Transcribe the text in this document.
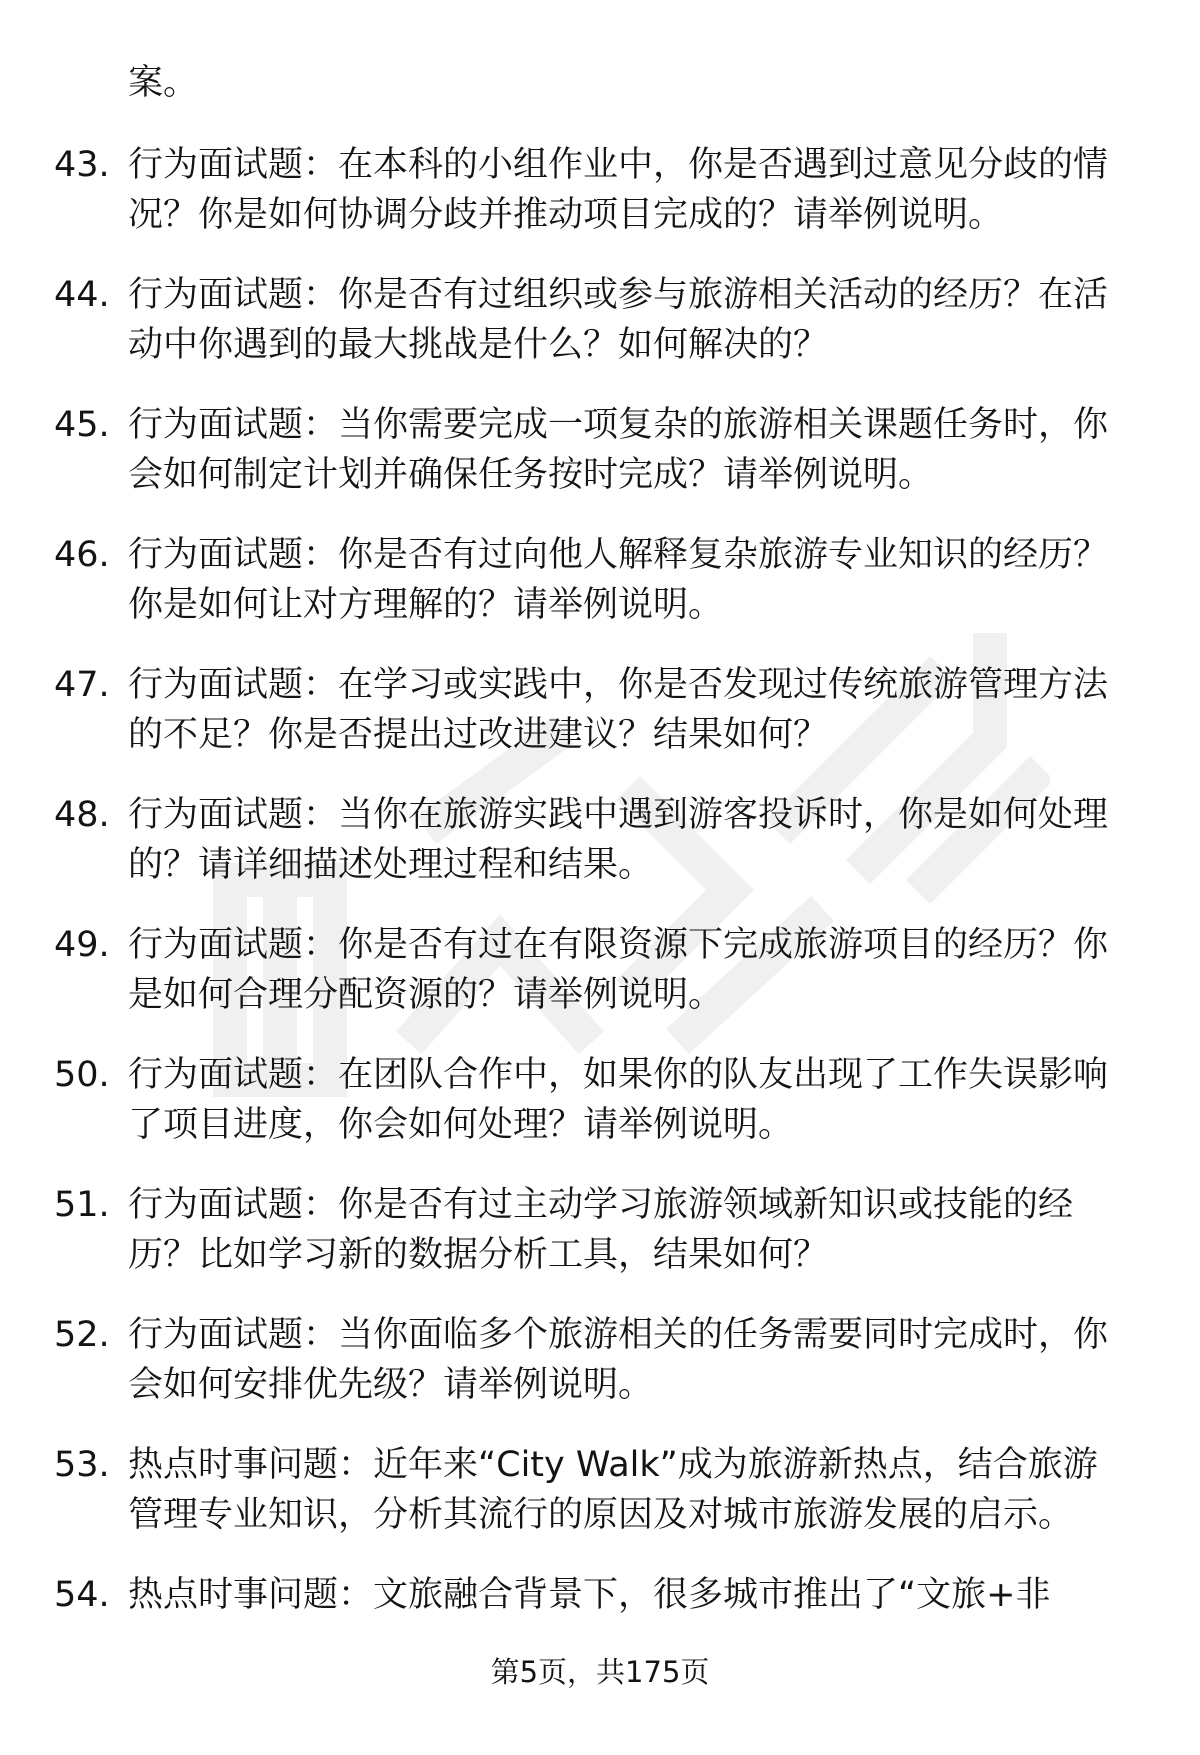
案。
43. 行为面试题：在本科的小组作业中，你是否遇到过意见分歧的情
况？你是如何协调分歧并推动项目完成的？请举例说明。
44. 行为面试题：你是否有过组织或参与旅游相关活动的经历？在活
动中你遇到的最大挑战是什么？如何解决的？
45. 行为面试题：当你需要完成一项复杂的旅游相关课题任务时，你
会如何制定计划并确保任务按时完成？请举例说明。
46. 行为面试题：你是否有过向他人解释复杂旅游专业知识的经历？
你是如何让对方理解的？请举例说明。
47. 行为面试题：在学习或实践中，你是否发现过传统旅游管理方法
的不足？你是否提出过改进建议？结果如何？
48. 行为面试题：当你在旅游实践中遇到游客投诉时，你是如何处理
的？请详细描述处理过程和结果。
49. 行为面试题：你是否有过在有限资源下完成旅游项目的经历？你
是如何合理分配资源的？请举例说明。
50. 行为面试题：在团队合作中，如果你的队友出现了工作失误影响
了项目进度，你会如何处理？请举例说明。
51. 行为面试题：你是否有过主动学习旅游领域新知识或技能的经
历？比如学习新的数据分析工具，结果如何？
52. 行为面试题：当你面临多个旅游相关的任务需要同时完成时，你
会如何安排优先级？请举例说明。
53. 热点时事问题：近年来“City Walk”成为旅游新热点，结合旅游
管理专业知识，分析其流行的原因及对城市旅游发展的启示。
54. 热点时事问题：文旅融合背景下，很多城市推出了“文旅+非
第5页，共175页
